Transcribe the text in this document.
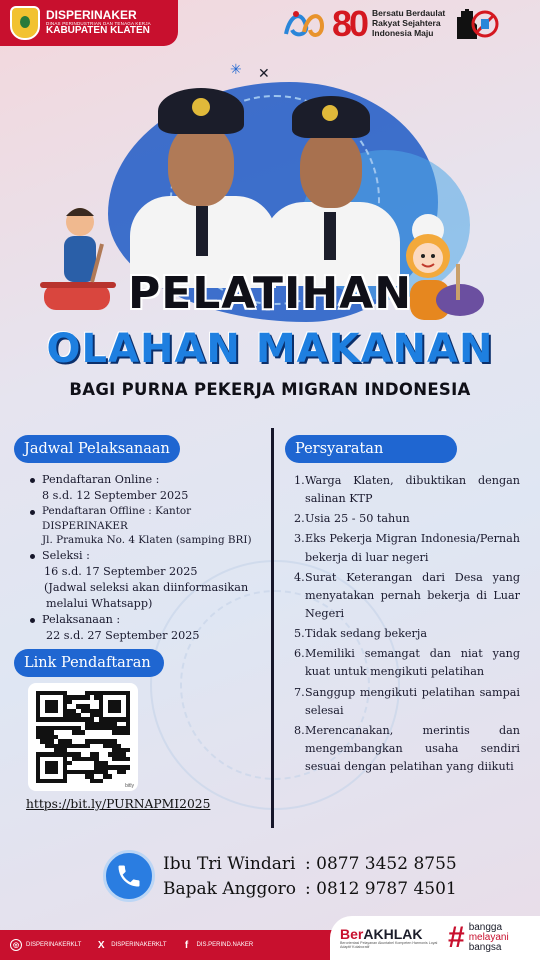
DISPERINAKER
DINAS PERINDUSTRIAN DAN TENAGA KERJA
KABUPATEN KLATEN	80 Bersatu Berdaulat
Rakyat Sejahtera
Indonesia Maju
✳ ✕
PELATIHAN
OLAHAN MAKANAN
BAGI PURNA PEKERJA MIGRAN INDONESIA
Jadwal Pelaksanaan
Pendaftaran Online :
8 s.d. 12 September 2025
Pendaftaran Offline : Kantor DISPERINAKER
Jl. Pramuka No. 4 Klaten (samping BRI)
Seleksi :
16 s.d. 17 September 2025
(Jadwal seleksi akan diinformasikan
melalui Whatsapp)
Pelaksanaan :
22 s.d. 27 September 2025
Link Pendaftaran
bitly
https://bit.ly/PURNAPMI2025
Persyaratan
1. Warga Klaten, dibuktikan dengan salinan KTP
2. Usia 25 - 50 tahun
3. Eks Pekerja Migran Indonesia/Pernah bekerja di luar negeri
4. Surat Keterangan dari Desa yang menyatakan pernah bekerja di Luar Negeri
5. Tidak sedang bekerja
6. Memiliki semangat dan niat yang kuat untuk mengikuti pelatihan
7. Sanggup mengikuti pelatihan sampai selesai
8. Merencanakan, merintis dan mengembangkan usaha sendiri sesuai dengan pelatihan yang diikuti
Ibu Tri Windari : 0877 3452 8755
Bapak Anggoro : 0812 9787 4501
◎	DISPERINAKERKLT X	DISPERINAKERKLT	f	DIS.PERIND.NAKER
BerAKHLAK
Berorientasi Pelayanan Akuntabel Kompeten Harmonis Loyal Adaptif Kolaboratif	# bangga
melayani
bangsa
